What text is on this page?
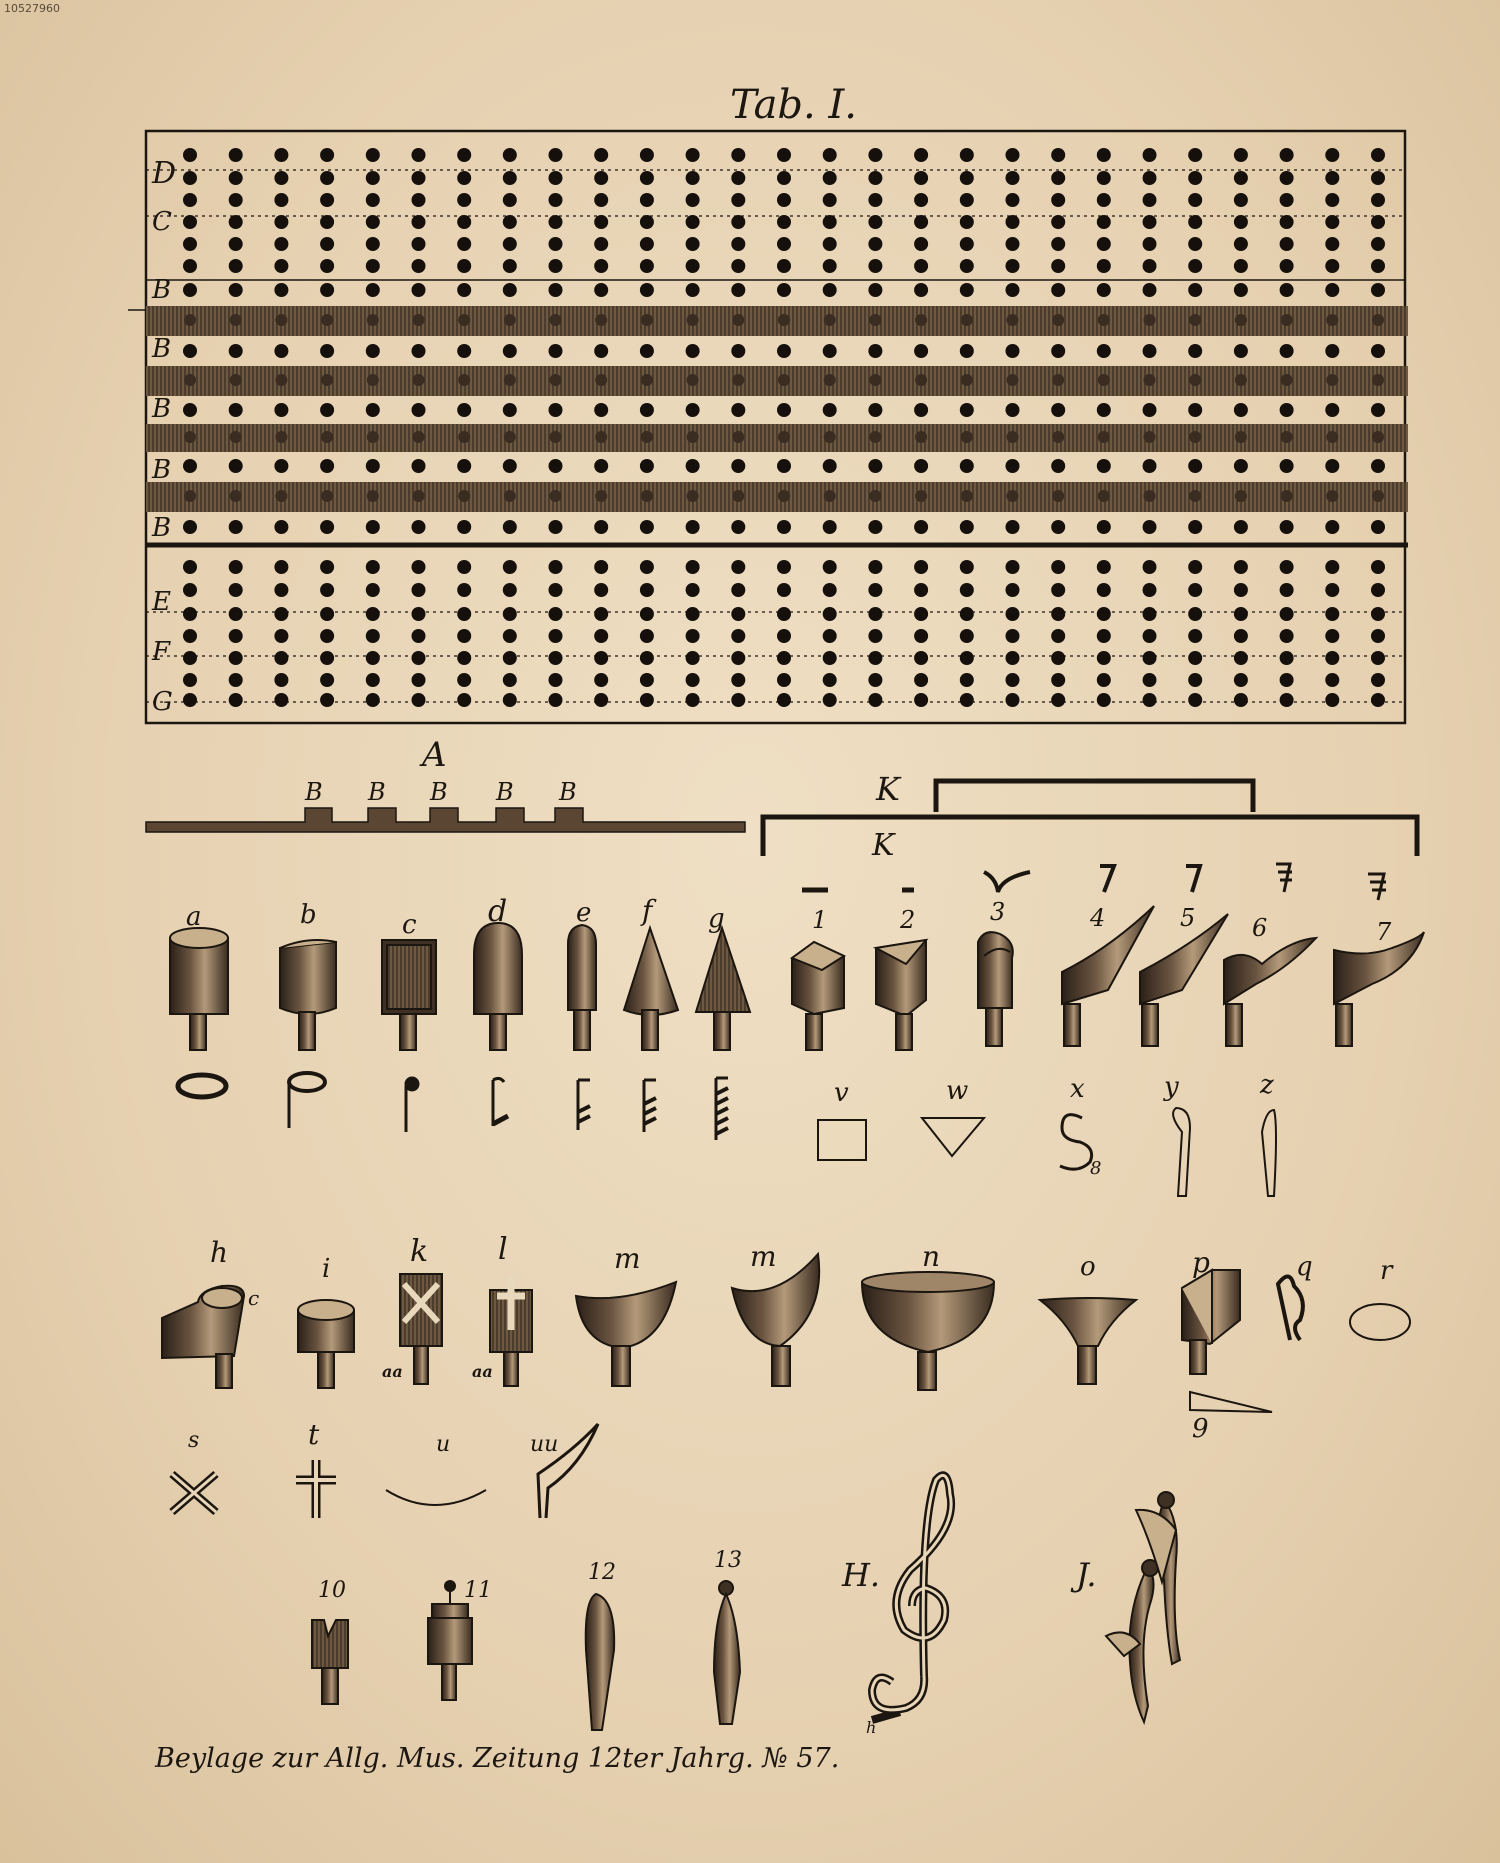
10527960
Tab. I.
D
C
B
B
B
B
B
E
F
G
A
B B B B B	K
K
a	b	c d	e f g	1	2	3	4	5 6	7
v	w	x	y	z
8
h	i	k l	m	m	n	o	p	q	r
c
aa	aa
9
s	t	u	uu
10	11
12	13	H.
h
J.
Beylage zur Allg. Mus. Zeitung 12ter Jahrg. № 57.
